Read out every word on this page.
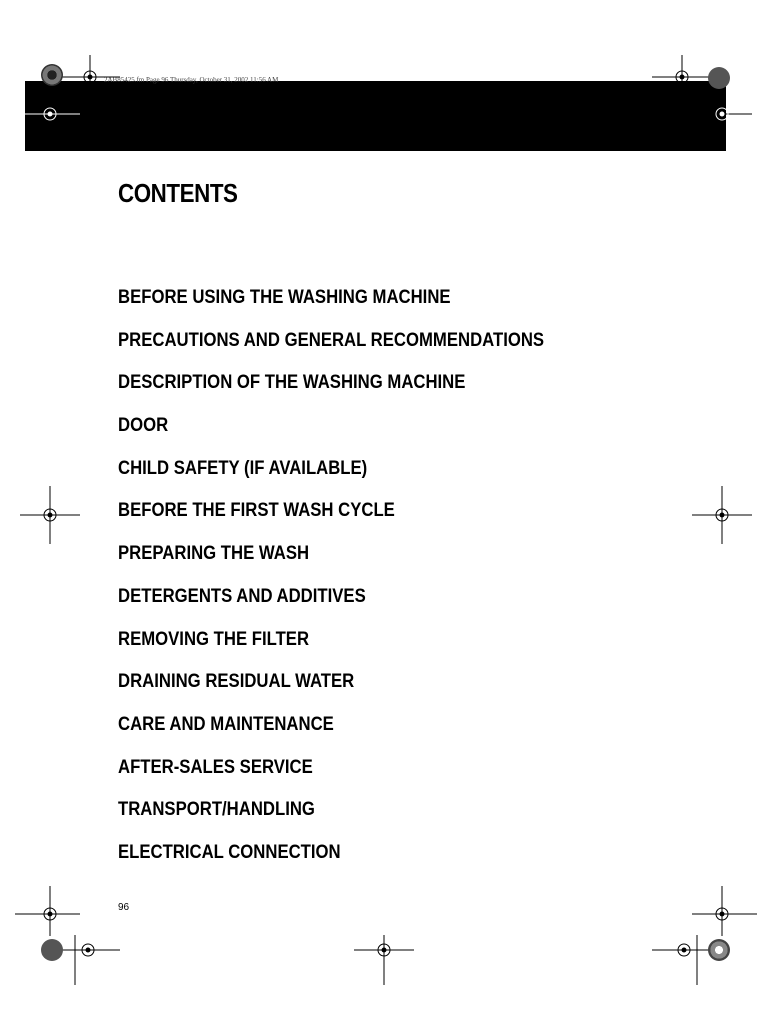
2AB85425.fm Page 96 Thursday, October 31, 2002 11:56 AM
CONTENTS
BEFORE USING THE WASHING MACHINE
PRECAUTIONS AND GENERAL RECOMMENDATIONS
DESCRIPTION OF THE WASHING MACHINE
DOOR
CHILD SAFETY (IF AVAILABLE)
BEFORE THE FIRST WASH CYCLE
PREPARING THE WASH
DETERGENTS AND ADDITIVES
REMOVING THE FILTER
DRAINING RESIDUAL WATER
CARE AND MAINTENANCE
AFTER-SALES SERVICE
TRANSPORT/HANDLING
ELECTRICAL CONNECTION
96
